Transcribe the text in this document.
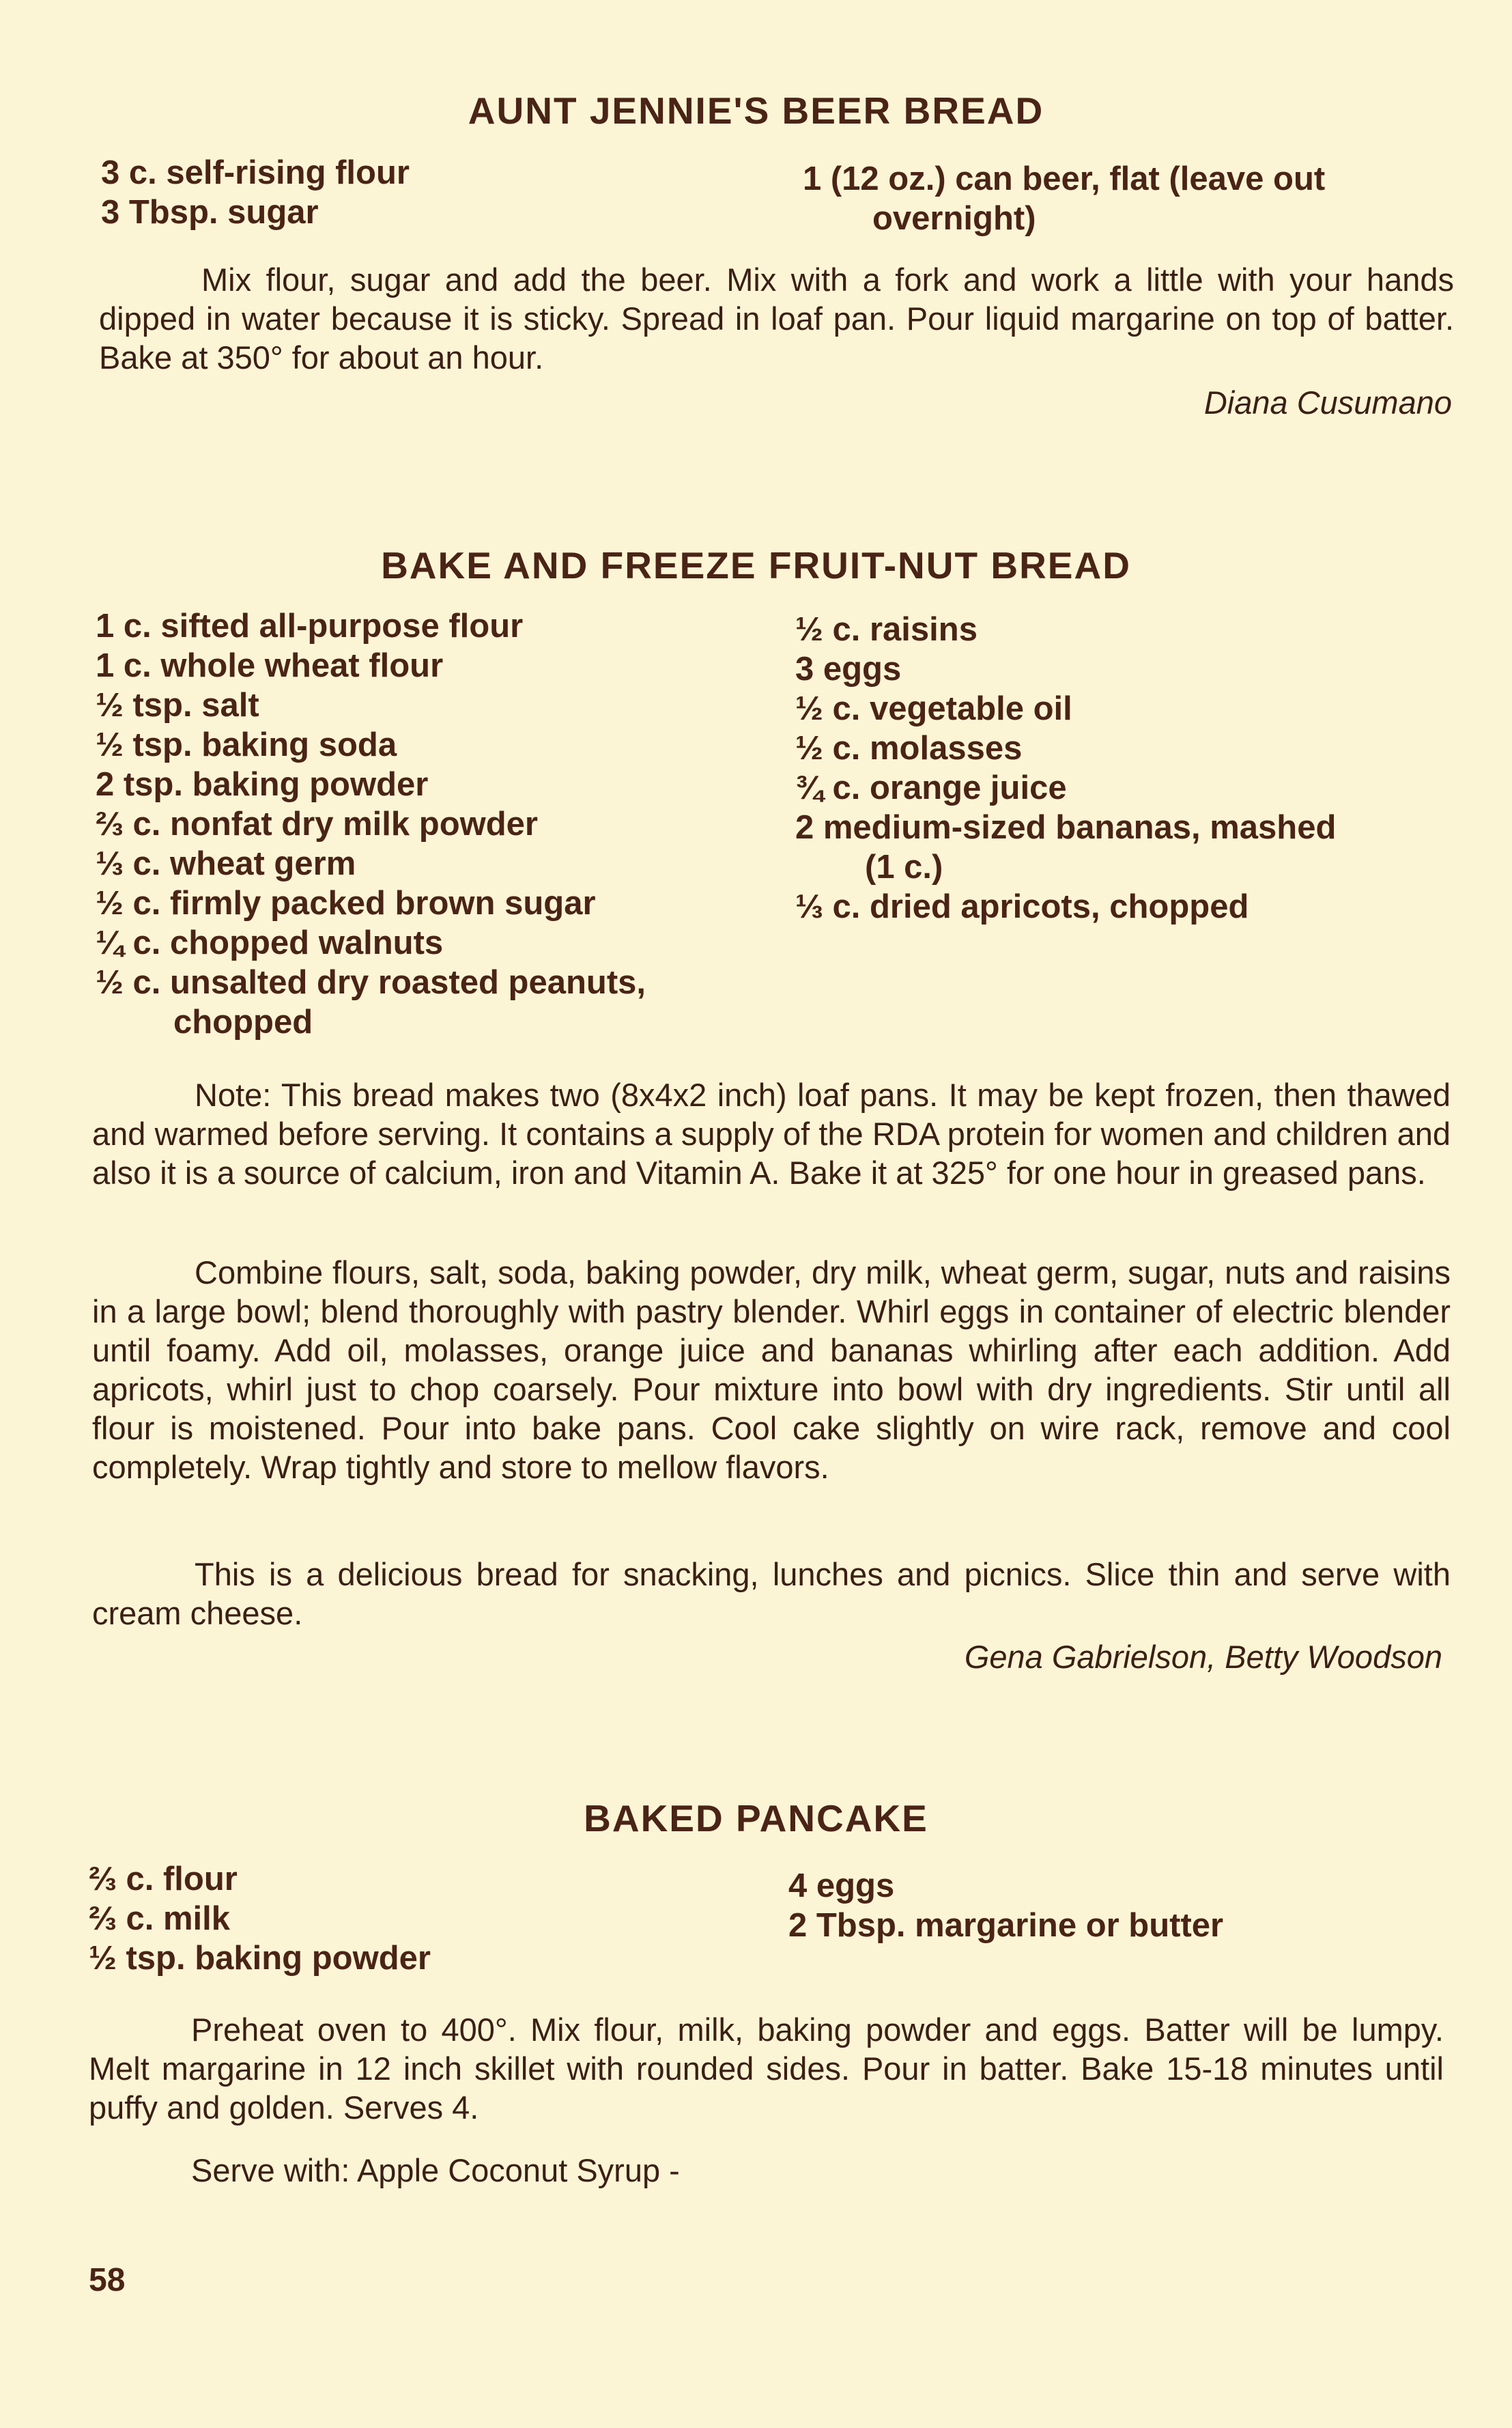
AUNT JENNIE'S BEER BREAD
3 c. self-rising flour
3 Tbsp. sugar
1 (12 oz.) can beer, flat (leave out
overnight)
Mix flour, sugar and add the beer. Mix with a fork and work a little with your hands dipped in water because it is sticky. Spread in loaf pan. Pour liquid margarine on top of batter. Bake at 350° for about an hour.
Diana Cusumano
BAKE AND FREEZE FRUIT-NUT BREAD
1 c. sifted all-purpose flour
1 c. whole wheat flour
½ tsp. salt
½ tsp. baking soda
2 tsp. baking powder
⅔ c. nonfat dry milk powder
⅓ c. wheat germ
½ c. firmly packed brown sugar
¼ c. chopped walnuts
½ c. unsalted dry roasted peanuts,
chopped
½ c. raisins
3 eggs
½ c. vegetable oil
½ c. molasses
¾ c. orange juice
2 medium-sized bananas, mashed
(1 c.)
⅓ c. dried apricots, chopped
Note: This bread makes two (8x4x2 inch) loaf pans. It may be kept frozen, then thawed and warmed before serving. It contains a supply of the RDA protein for women and children and also it is a source of calcium, iron and Vitamin A. Bake it at 325° for one hour in greased pans.
Combine flours, salt, soda, baking powder, dry milk, wheat germ, sugar, nuts and raisins in a large bowl; blend thoroughly with pastry blender. Whirl eggs in container of electric blender until foamy. Add oil, molasses, orange juice and bananas whirling after each addition. Add apricots, whirl just to chop coarsely. Pour mixture into bowl with dry ingredients. Stir until all flour is moistened. Pour into bake pans. Cool cake slightly on wire rack, remove and cool completely. Wrap tightly and store to mellow flavors.
This is a delicious bread for snacking, lunches and picnics. Slice thin and serve with cream cheese.
Gena Gabrielson, Betty Woodson
BAKED PANCAKE
⅔ c. flour
⅔ c. milk
½ tsp. baking powder
4 eggs
2 Tbsp. margarine or butter
Preheat oven to 400°. Mix flour, milk, baking powder and eggs. Batter will be lumpy. Melt margarine in 12 inch skillet with rounded sides. Pour in batter. Bake 15-18 minutes until puffy and golden. Serves 4.
Serve with: Apple Coconut Syrup -
58
